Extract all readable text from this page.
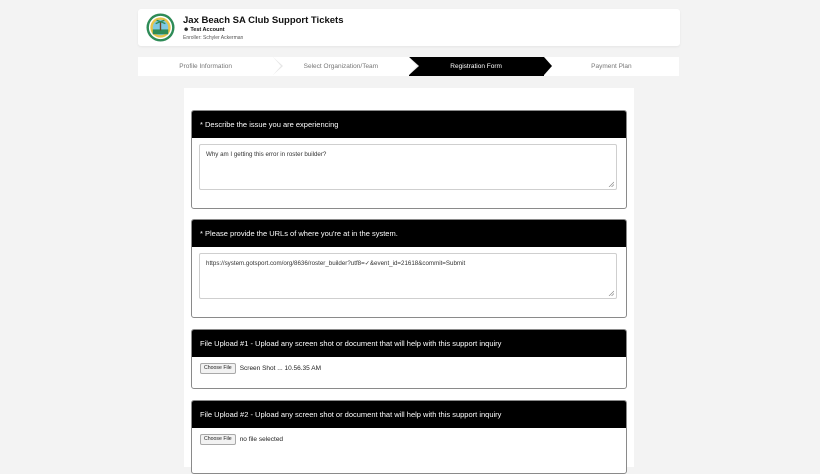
Jax Beach SA Club Support Tickets
☻Test Account
Enroller: Schyler Ackerman
Profile Information	Select Organization/Team	Registration Form	Payment Plan
* Describe the issue you are experiencing
Why am I getting this error in roster builder?
* Please provide the URLs of where you're at in the system.
https://system.gotsport.com/org/8636/roster_builder?utf8=✓&event_id=21618&commit=Submit
File Upload #1 - Upload any screen shot or document that will help with this support inquiry
Choose File	Screen Shot ... 10.56.35 AM
File Upload #2 - Upload any screen shot or document that will help with this support inquiry
Choose File	no file selected
